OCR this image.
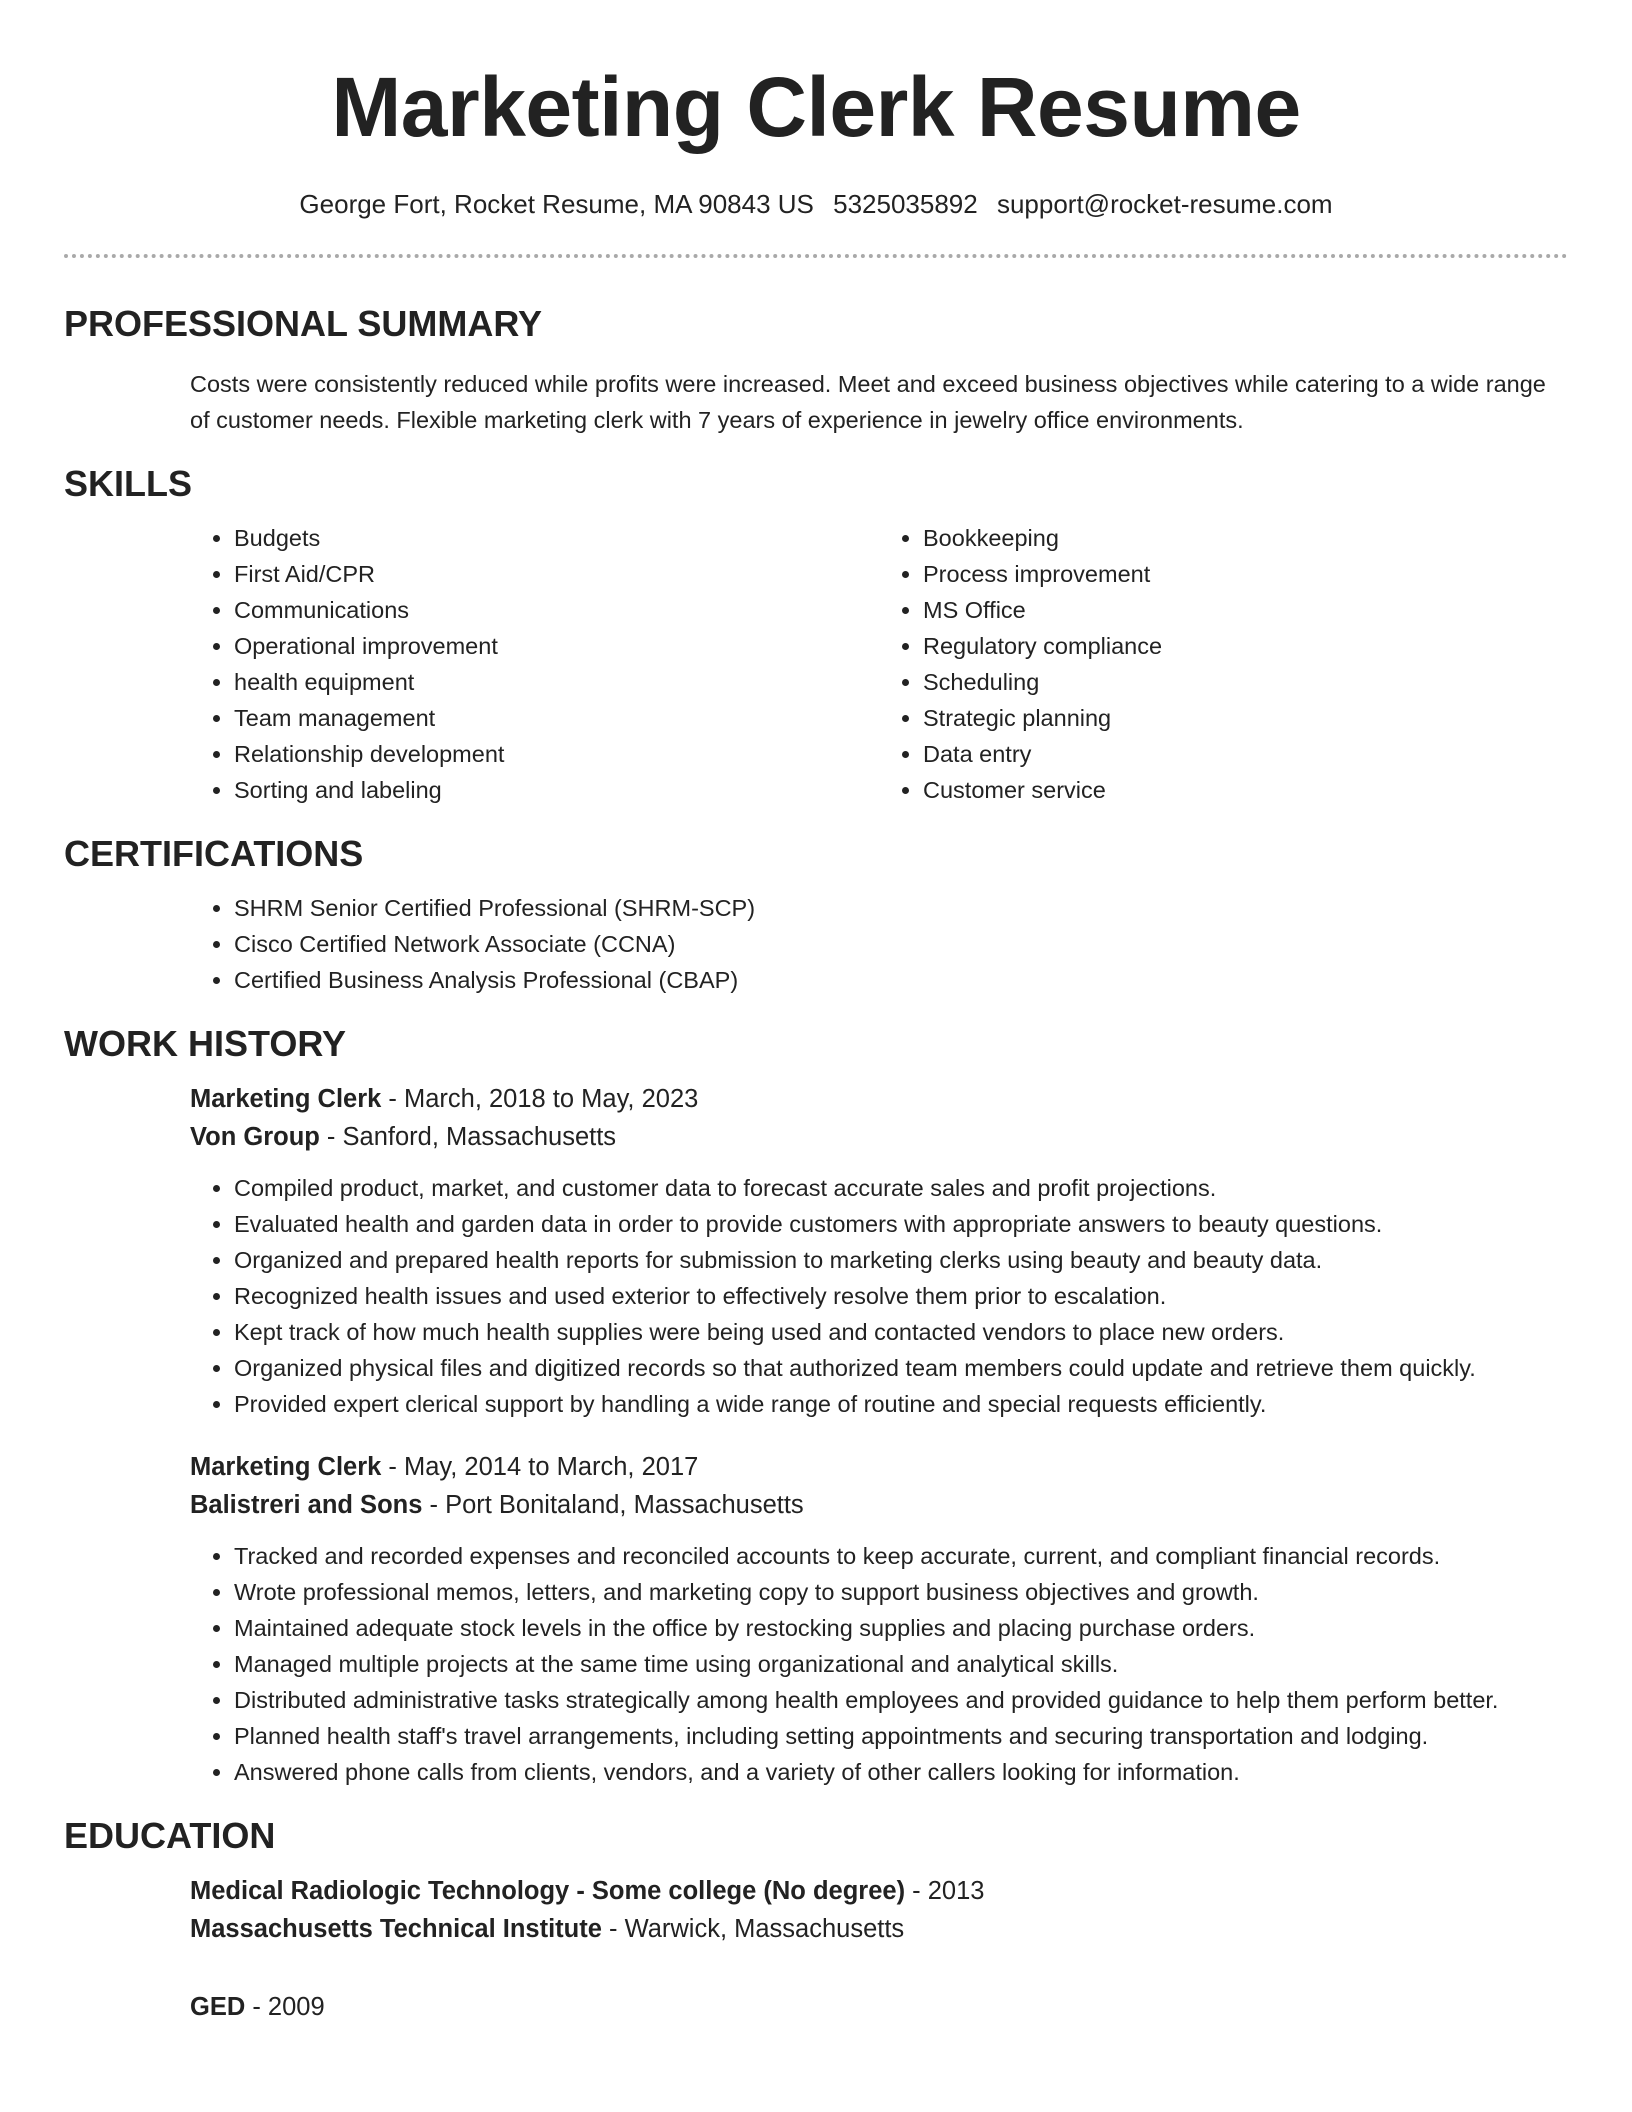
Marketing Clerk Resume
George Fort, Rocket Resume, MA 90843 US 5325035892 support@rocket-resume.com
PROFESSIONAL SUMMARY
Costs were consistently reduced while profits were increased. Meet and exceed business objectives while catering to a wide range of customer needs. Flexible marketing clerk with 7 years of experience in jewelry office environments.
SKILLS
• Budgets
• First Aid/CPR
• Communications
• Operational improvement
• health equipment
• Team management
• Relationship development
• Sorting and labeling
• Bookkeeping
• Process improvement
• MS Office
• Regulatory compliance
• Scheduling
• Strategic planning
• Data entry
• Customer service
CERTIFICATIONS
• SHRM Senior Certified Professional (SHRM-SCP)
• Cisco Certified Network Associate (CCNA)
• Certified Business Analysis Professional (CBAP)
WORK HISTORY
Marketing Clerk - March, 2018 to May, 2023
Von Group - Sanford, Massachusetts
• Compiled product, market, and customer data to forecast accurate sales and profit projections.
• Evaluated health and garden data in order to provide customers with appropriate answers to beauty questions.
• Organized and prepared health reports for submission to marketing clerks using beauty and beauty data.
• Recognized health issues and used exterior to effectively resolve them prior to escalation.
• Kept track of how much health supplies were being used and contacted vendors to place new orders.
• Organized physical files and digitized records so that authorized team members could update and retrieve them quickly.
• Provided expert clerical support by handling a wide range of routine and special requests efficiently.
Marketing Clerk - May, 2014 to March, 2017
Balistreri and Sons - Port Bonitaland, Massachusetts
• Tracked and recorded expenses and reconciled accounts to keep accurate, current, and compliant financial records.
• Wrote professional memos, letters, and marketing copy to support business objectives and growth.
• Maintained adequate stock levels in the office by restocking supplies and placing purchase orders.
• Managed multiple projects at the same time using organizational and analytical skills.
• Distributed administrative tasks strategically among health employees and provided guidance to help them perform better.
• Planned health staff's travel arrangements, including setting appointments and securing transportation and lodging.
• Answered phone calls from clients, vendors, and a variety of other callers looking for information.
EDUCATION
Medical Radiologic Technology - Some college (No degree) - 2013
Massachusetts Technical Institute - Warwick, Massachusetts
GED - 2009
